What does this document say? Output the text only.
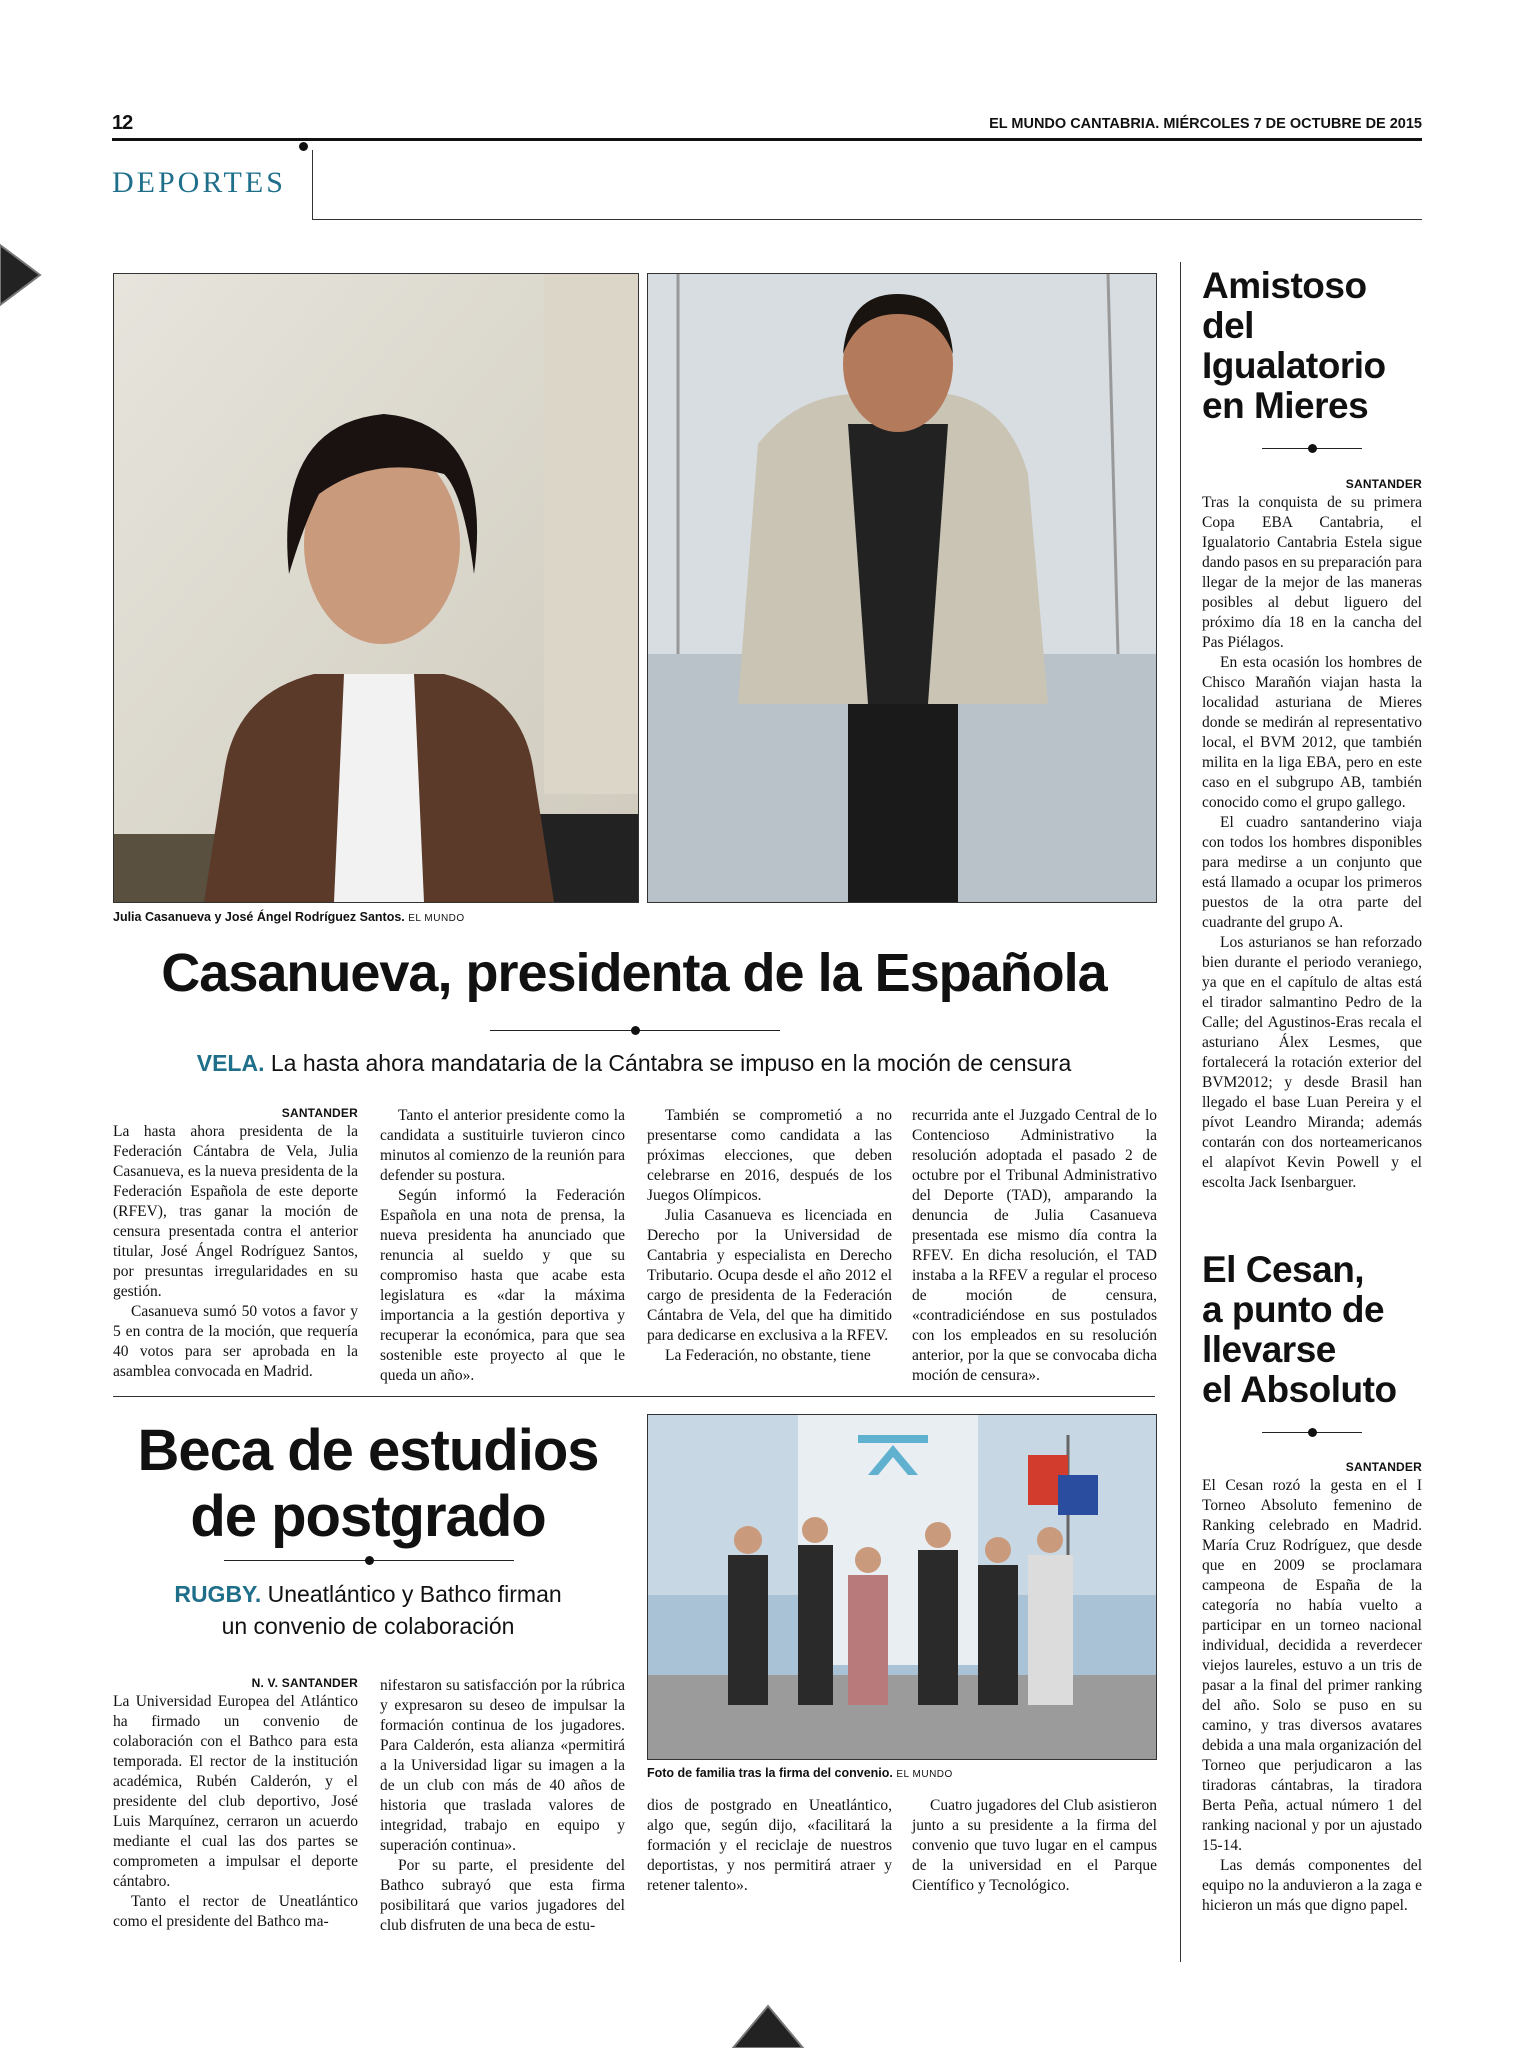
12	EL MUNDO CANTABRIA. MIÉRCOLES 7 DE OCTUBRE DE 2015
DEPORTES
Julia Casanueva y José Ángel Rodríguez Santos. EL MUNDO
Casanueva, presidenta de la Española
VELA. La hasta ahora mandataria de la Cántabra se impuso en la moción de censura
SANTANDER

La hasta ahora presidenta de la Federación Cántabra de Vela, Julia Casanueva, es la nueva presidenta de la Federación Española de este deporte (RFEV), tras ganar la moción de censura presentada contra el anterior titular, José Ángel Rodríguez Santos, por presuntas irregularidades en su gestión.

Casanueva sumó 50 votos a favor y 5 en contra de la moción, que requería 40 votos para ser aprobada en la asamblea convocada en Madrid.

Tanto el anterior presidente como la candidata a sustituirle tuvieron cinco minutos al comienzo de la reunión para defender su postura.

Según informó la Federación Española en una nota de prensa, la nueva presidenta ha anunciado que renuncia al sueldo y que su compromiso hasta que acabe esta legislatura es «dar la máxima importancia a la gestión deportiva y recuperar la económica, para que sea sostenible este proyecto al que le queda un año».

También se comprometió a no presentarse como candidata a las próximas elecciones, que deben celebrarse en 2016, después de los Juegos Olímpicos.

Julia Casanueva es licenciada en Derecho por la Universidad de Cantabria y especialista en Derecho Tributario. Ocupa desde el año 2012 el cargo de presidenta de la Federación Cántabra de Vela, del que ha dimitido para dedicarse en exclusiva a la RFEV.

La Federación, no obstante, tiene

recurrida ante el Juzgado Central de lo Contencioso Administrativo la resolución adoptada el pasado 2 de octubre por el Tribunal Administrativo del Deporte (TAD), amparando la denuncia de Julia Casanueva presentada ese mismo día contra la RFEV. En dicha resolución, el TAD instaba a la RFEV a regular el proceso de moción de censura, «contradiciéndose en sus postulados con los empleados en su resolución anterior, por la que se convocaba dicha moción de censura».

Beca de estudios
de postgrado
RUGBY. Uneatlántico y Bathco firman
un convenio de colaboración
N. V. SANTANDER

La Universidad Europea del Atlántico ha firmado un convenio de colaboración con el Bathco para esta temporada. El rector de la institución académica, Rubén Calderón, y el presidente del club deportivo, José Luis Marquínez, cerraron un acuerdo mediante el cual las dos partes se comprometen a impulsar el deporte cántabro.

Tanto el rector de Uneatlántico como el presidente del Bathco ma-

nifestaron su satisfacción por la rúbrica y expresaron su deseo de impulsar la formación continua de los jugadores. Para Calderón, esta alianza «permitirá a la Universidad ligar su imagen a la de un club con más de 40 años de historia que traslada valores de integridad, trabajo en equipo y superación continua».

Por su parte, el presidente del Bathco subrayó que esta firma posibilitará que varios jugadores del club disfruten de una beca de estu-

Foto de familia tras la firma del convenio. EL MUNDO

dios de postgrado en Uneatlántico, algo que, según dijo, «facilitará la formación y el reciclaje de nuestros deportistas, y nos permitirá atraer y retener talento».

Cuatro jugadores del Club asistieron junto a su presidente a la firma del convenio que tuvo lugar en el campus de la universidad en el Parque Científico y Tecnológico.

Amistoso
del
Igualatorio
en Mieres
SANTANDER

Tras la conquista de su primera Copa EBA Cantabria, el Igualatorio Cantabria Estela sigue dando pasos en su preparación para llegar de la mejor de las maneras posibles al debut liguero del próximo día 18 en la cancha del Pas Piélagos.

En esta ocasión los hombres de Chisco Marañón viajan hasta la localidad asturiana de Mieres donde se medirán al representativo local, el BVM 2012, que también milita en la liga EBA, pero en este caso en el subgrupo AB, también conocido como el grupo gallego.

El cuadro santanderino viaja con todos los hombres disponibles para medirse a un conjunto que está llamado a ocupar los primeros puestos de la otra parte del cuadrante del grupo A.

Los asturianos se han reforzado bien durante el periodo veraniego, ya que en el capítulo de altas está el tirador salmantino Pedro de la Calle; del Agustinos-Eras recala el asturiano Álex Lesmes, que fortalecerá la rotación exterior del BVM2012; y desde Brasil han llegado el base Luan Pereira y el pívot Leandro Miranda; además contarán con dos norteamericanos el alapívot Kevin Powell y el escolta Jack Isenbarguer.

El Cesan,
a punto de
llevarse
el Absoluto
SANTANDER

El Cesan rozó la gesta en el I Torneo Absoluto femenino de Ranking celebrado en Madrid. María Cruz Rodríguez, que desde que en 2009 se proclamara campeona de España de la categoría no había vuelto a participar en un torneo nacional individual, decidida a reverdecer viejos laureles, estuvo a un tris de pasar a la final del primer ranking del año. Solo se puso en su camino, y tras diversos avatares debida a una mala organización del Torneo que perjudicaron a las tiradoras cántabras, la tiradora Berta Peña, actual número 1 del ranking nacional y por un ajustado 15-14.

Las demás componentes del equipo no la anduvieron a la zaga e hicieron un más que digno papel.
